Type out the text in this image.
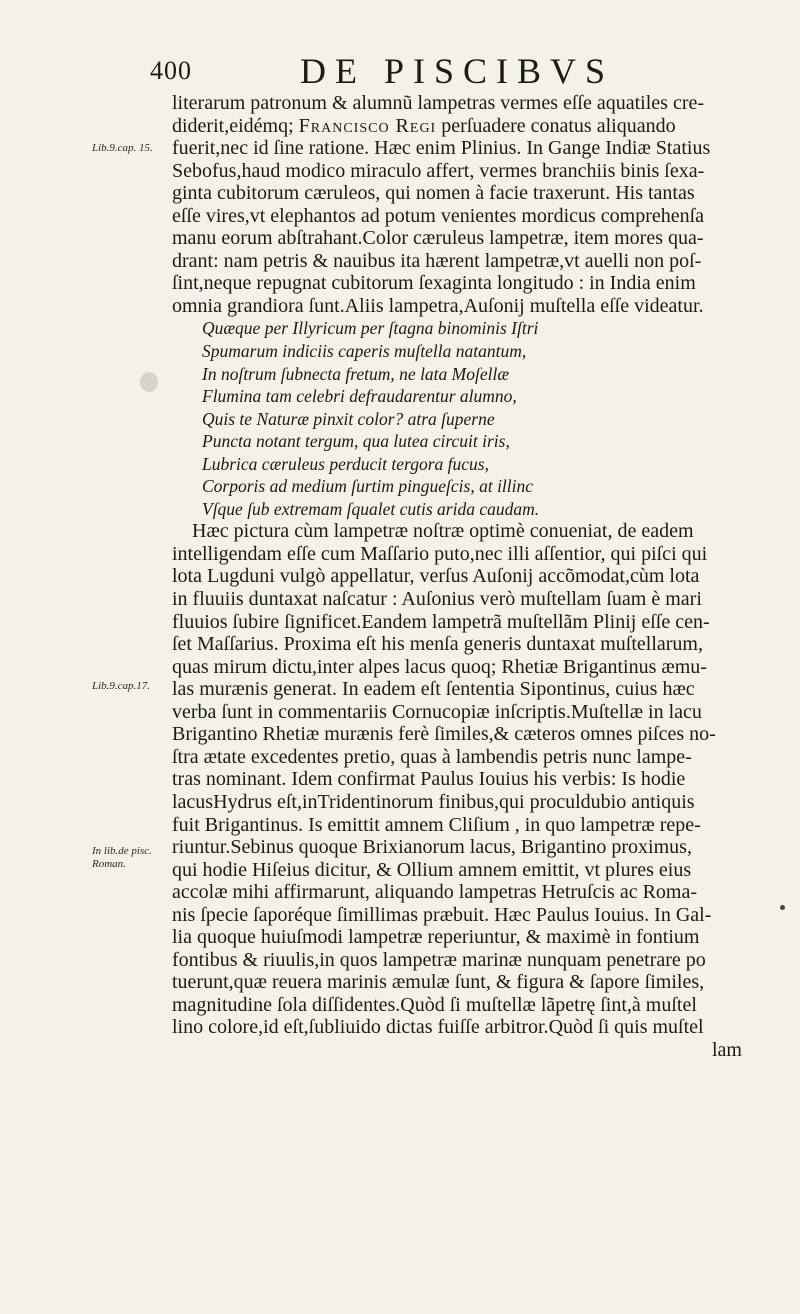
400	DE PISCIBVS
Lib.9.cap. 15.
Lib.9.cap.17.
In lib.de pisc. Roman.
literarum patronum & alumnũ lampetras vermes eſſe aquatiles cre-
diderit,eidémq; Francisco Regi perſuadere conatus aliquando
fuerit,nec id ſine ratione. Hæc enim Plinius. In Gange Indiæ Statius
Sebofus,haud modico miraculo affert, vermes branchiis binis ſexa-
ginta cubitorum cæruleos, qui nomen à facie traxerunt. His tantas
eſſe vires,vt elephantos ad potum venientes mordicus comprehenſa
manu eorum abſtrahant.Color cæruleus lampetræ, item mores qua-
drant: nam petris & nauibus ita hærent lampetræ,vt auelli non poſ-
ſint,neque repugnat cubitorum ſexaginta longitudo : in India enim
omnia grandiora ſunt.Aliis lampetra,Auſonij muſtella eſſe videatur.
Quæque per Illyricum per ſtagna binominis Iſtri
Spumarum indiciis caperis muſtella natantum,
In noſtrum ſubnecta fretum, ne lata Moſellæ
Flumina tam celebri defraudarentur alumno,
Quis te Naturæ pinxit color? atra ſuperne
Puncta notant tergum, qua lutea circuit iris,
Lubrica cæruleus perducit tergora fucus,
Corporis ad medium ſurtim pingueſcis, at illinc
Vſque ſub extremam ſqualet cutis arida caudam.
Hæc pictura cùm lampetræ noſtræ optimè conueniat, de eadem
intelligendam eſſe cum Maſſario puto,nec illi aſſentior, qui piſci qui
lota Lugduni vulgò appellatur, verſus Auſonij accõmodat,cùm lota
in fluuiis duntaxat naſcatur : Auſonius verò muſtellam ſuam è mari
fluuios ſubire ſignificet.Eandem lampetrã muſtellãm Plinij eſſe cen-
ſet Maſſarius. Proxima eſt his menſa generis duntaxat muſtellarum,
quas mirum dictu,inter alpes lacus quoq; Rhetiæ Brigantinus æmu-
las murænis generat. In eadem eſt ſententia Sipontinus, cuius hæc
verba ſunt in commentariis Cornucopiæ inſcriptis.Muſtellæ in lacu
Brigantino Rhetiæ murænis ferè ſimiles,& cæteros omnes piſces no-
ſtra ætate excedentes pretio, quas à lambendis petris nunc lampe-
tras nominant. Idem confirmat Paulus Iouius his verbis: Is hodie
lacusHydrus eſt,inTridentinorum finibus,qui proculdubio antiquis
fuit Brigantinus. Is emittit amnem Cliſium , in quo lampetræ repe-
riuntur.Sebinus quoque Brixianorum lacus, Brigantino proximus,
qui hodie Hiſeius dicitur, & Ollium amnem emittit, vt plures eius
accolæ mihi affirmarunt, aliquando lampetras Hetruſcis ac Roma-
nis ſpecie ſaporéque ſimillimas præbuit. Hæc Paulus Iouius. In Gal-
lia quoque huiuſmodi lampetræ reperiuntur, & maximè in fontium
fontibus & riuulis,in quos lampetræ marinæ nunquam penetrare po
tuerunt,quæ reuera marinis æmulæ ſunt, & figura & ſapore ſimiles,
magnitudine ſola diſſidentes.Quòd ſi muſtellæ lãpetrę ſint,à muſtel
lino colore,id eſt,ſubliuido dictas fuiſſe arbitror.Quòd ſi quis muſtel
lam
